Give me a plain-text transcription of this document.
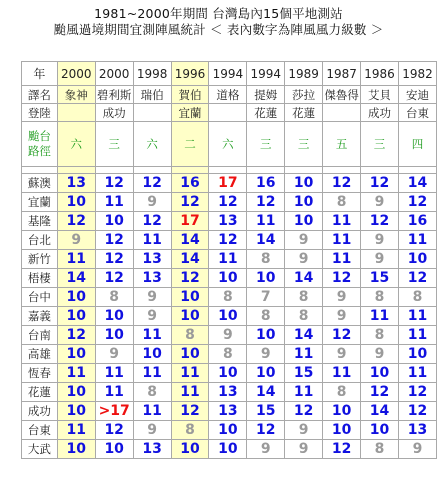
1981~2000年期間 台灣島內15個平地測站
颱風過境期間宜測陣風統計 ＜ 表內數字為陣風風力級數 ＞
年	2000	2000	1998	1996	1994	1994	1989	1987	1986	1982
譯名	象神	碧利斯	瑞伯	賀伯	道格	提姆	莎拉	傑魯得	艾貝	安迪
登陸		成功		宜蘭		花蓮	花蓮		成功	台東

颱台
路徑	六	三	六	二	六	三	三	五	三	四

蘇澳	13	12	12	16	17	16	10	12	12	14
宜蘭	10	11	9	12	12	12	10	8	9	12
基隆	12	10	12	17	13	11	10	11	12	16
台北	9	12	11	14	12	14	9	11	9	11
新竹	11	12	13	14	11	8	9	11	9	10
梧棲	14	12	13	12	10	10	14	12	15	12
台中	10	8	9	10	8	7	8	9	8	8
嘉義	10	10	9	10	10	8	8	9	11	11
台南	12	10	11	8	9	10	14	12	8	11
高雄	10	9	10	10	8	9	11	9	9	10
恆春	11	11	11	11	10	10	15	11	10	11
花蓮	10	11	8	11	13	14	11	8	12	12
成功	10	>17	11	12	13	15	12	10	14	12
台東	11	12	9	8	10	12	9	10	10	13
大武	10	10	13	10	10	9	9	12	8	9
